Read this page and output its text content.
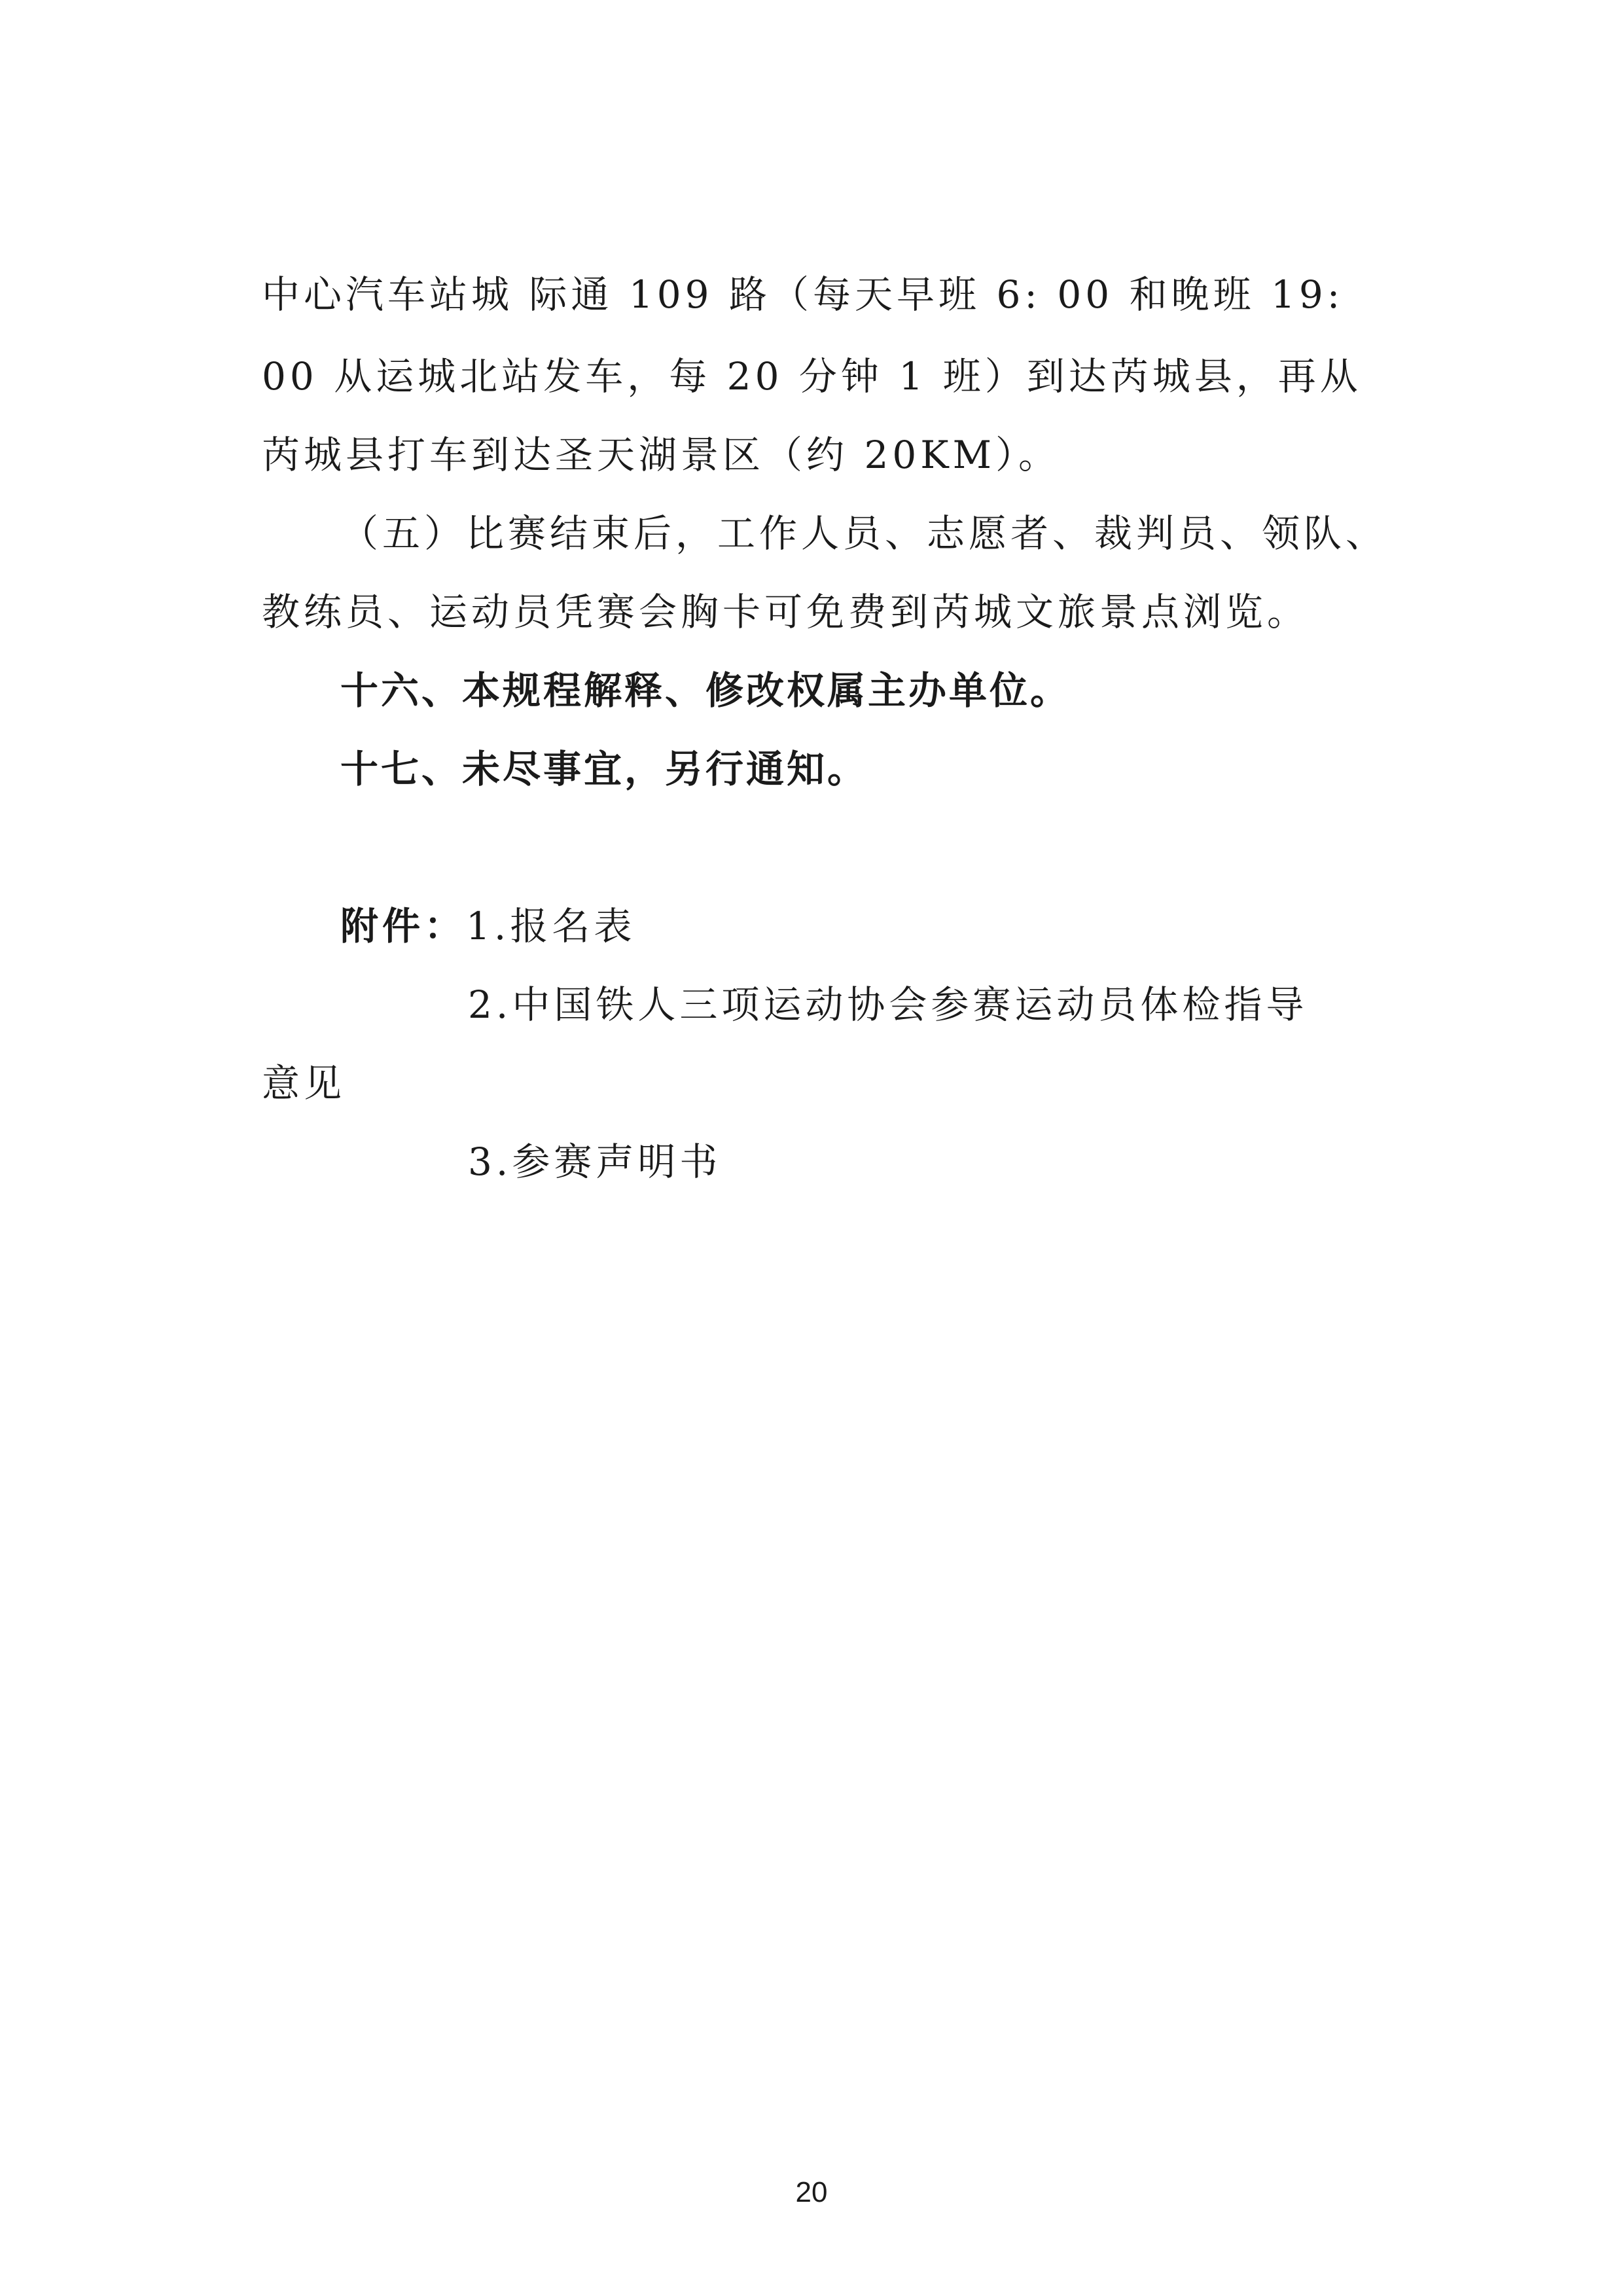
中心汽车站城 际通 109 路（每天早班 6: 00 和晚班 19:
00 从运城北站发车，每 20 分钟 1 班）到达芮城县，再从
芮城县打车到达圣天湖景区（约 20KM）。
（五）比赛结束后，工作人员、志愿者、裁判员、领队、
教练员、运动员凭赛会胸卡可免费到芮城文旅景点浏览。
十六、本规程解释、修改权属主办单位。
十七、未尽事宜，另行通知。
附件：1.报名表
2.中国铁人三项运动协会参赛运动员体检指导
意见
3.参赛声明书
20
